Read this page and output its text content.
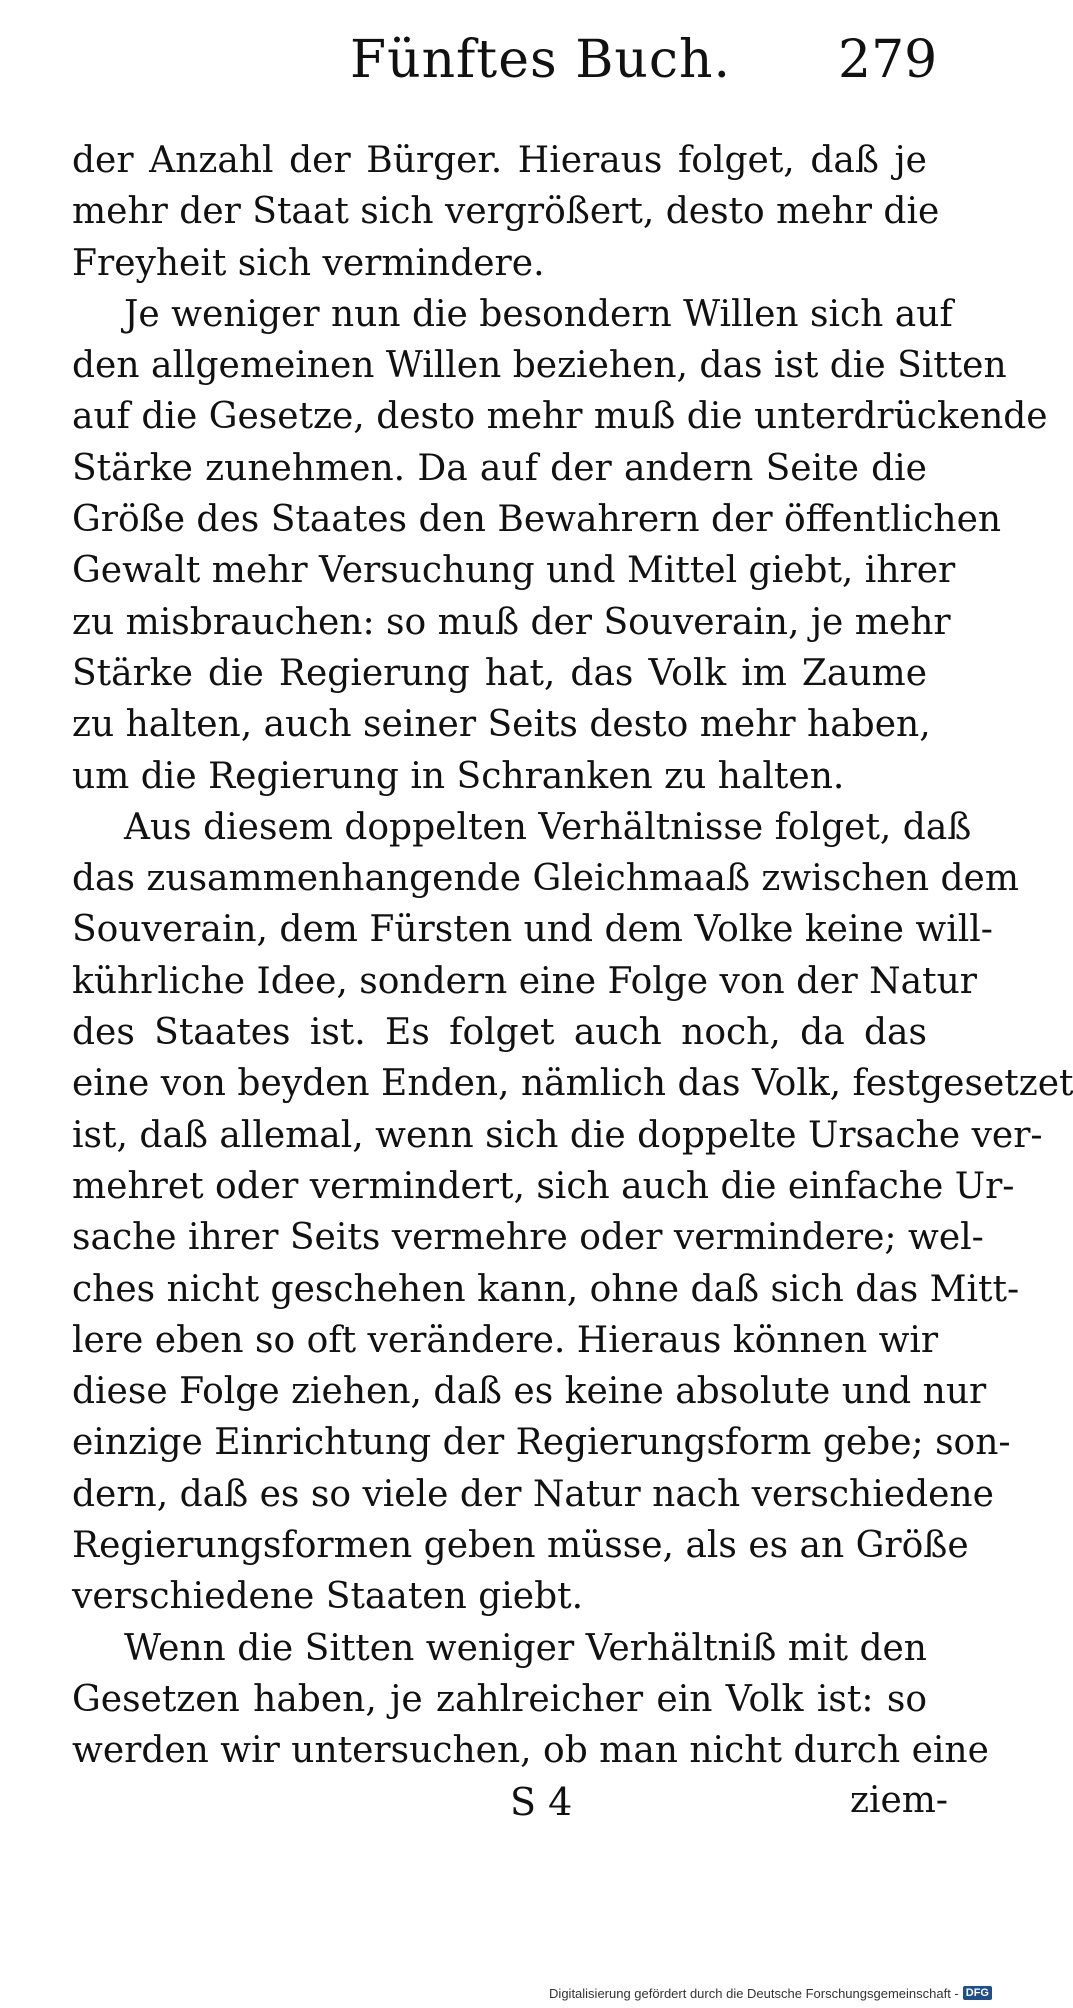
Fünftes Buch. 279
der Anzahl der Bürger. Hieraus folget, daß je
mehr der Staat sich vergrößert, desto mehr die
Freyheit sich vermindere.
Je weniger nun die besondern Willen sich auf
den allgemeinen Willen beziehen, das ist die Sitten
auf die Gesetze, desto mehr muß die unterdrückende
Stärke zunehmen. Da auf der andern Seite die
Größe des Staates den Bewahrern der öffentlichen
Gewalt mehr Versuchung und Mittel giebt, ihrer
zu misbrauchen: so muß der Souverain, je mehr
Stärke die Regierung hat, das Volk im Zaume
zu halten, auch seiner Seits desto mehr haben,
um die Regierung in Schranken zu halten.
Aus diesem doppelten Verhältnisse folget, daß
das zusammenhangende Gleichmaaß zwischen dem
Souverain, dem Fürsten und dem Volke keine will-
kührliche Idee, sondern eine Folge von der Natur
des Staates ist. Es folget auch noch, da das
eine von beyden Enden, nämlich das Volk, festgesetzet
ist, daß allemal, wenn sich die doppelte Ursache ver-
mehret oder vermindert, sich auch die einfache Ur-
sache ihrer Seits vermehre oder vermindere; wel-
ches nicht geschehen kann, ohne daß sich das Mitt-
lere eben so oft verändere. Hieraus können wir
diese Folge ziehen, daß es keine absolute und nur
einzige Einrichtung der Regierungsform gebe; son-
dern, daß es so viele der Natur nach verschiedene
Regierungsformen geben müsse, als es an Größe
verschiedene Staaten giebt.
Wenn die Sitten weniger Verhältniß mit den
Gesetzen haben, je zahlreicher ein Volk ist: so
werden wir untersuchen, ob man nicht durch eine
S 4	ziem-
Digitalisierung gefördert durch die Deutsche Forschungsgemeinschaft - DFG
